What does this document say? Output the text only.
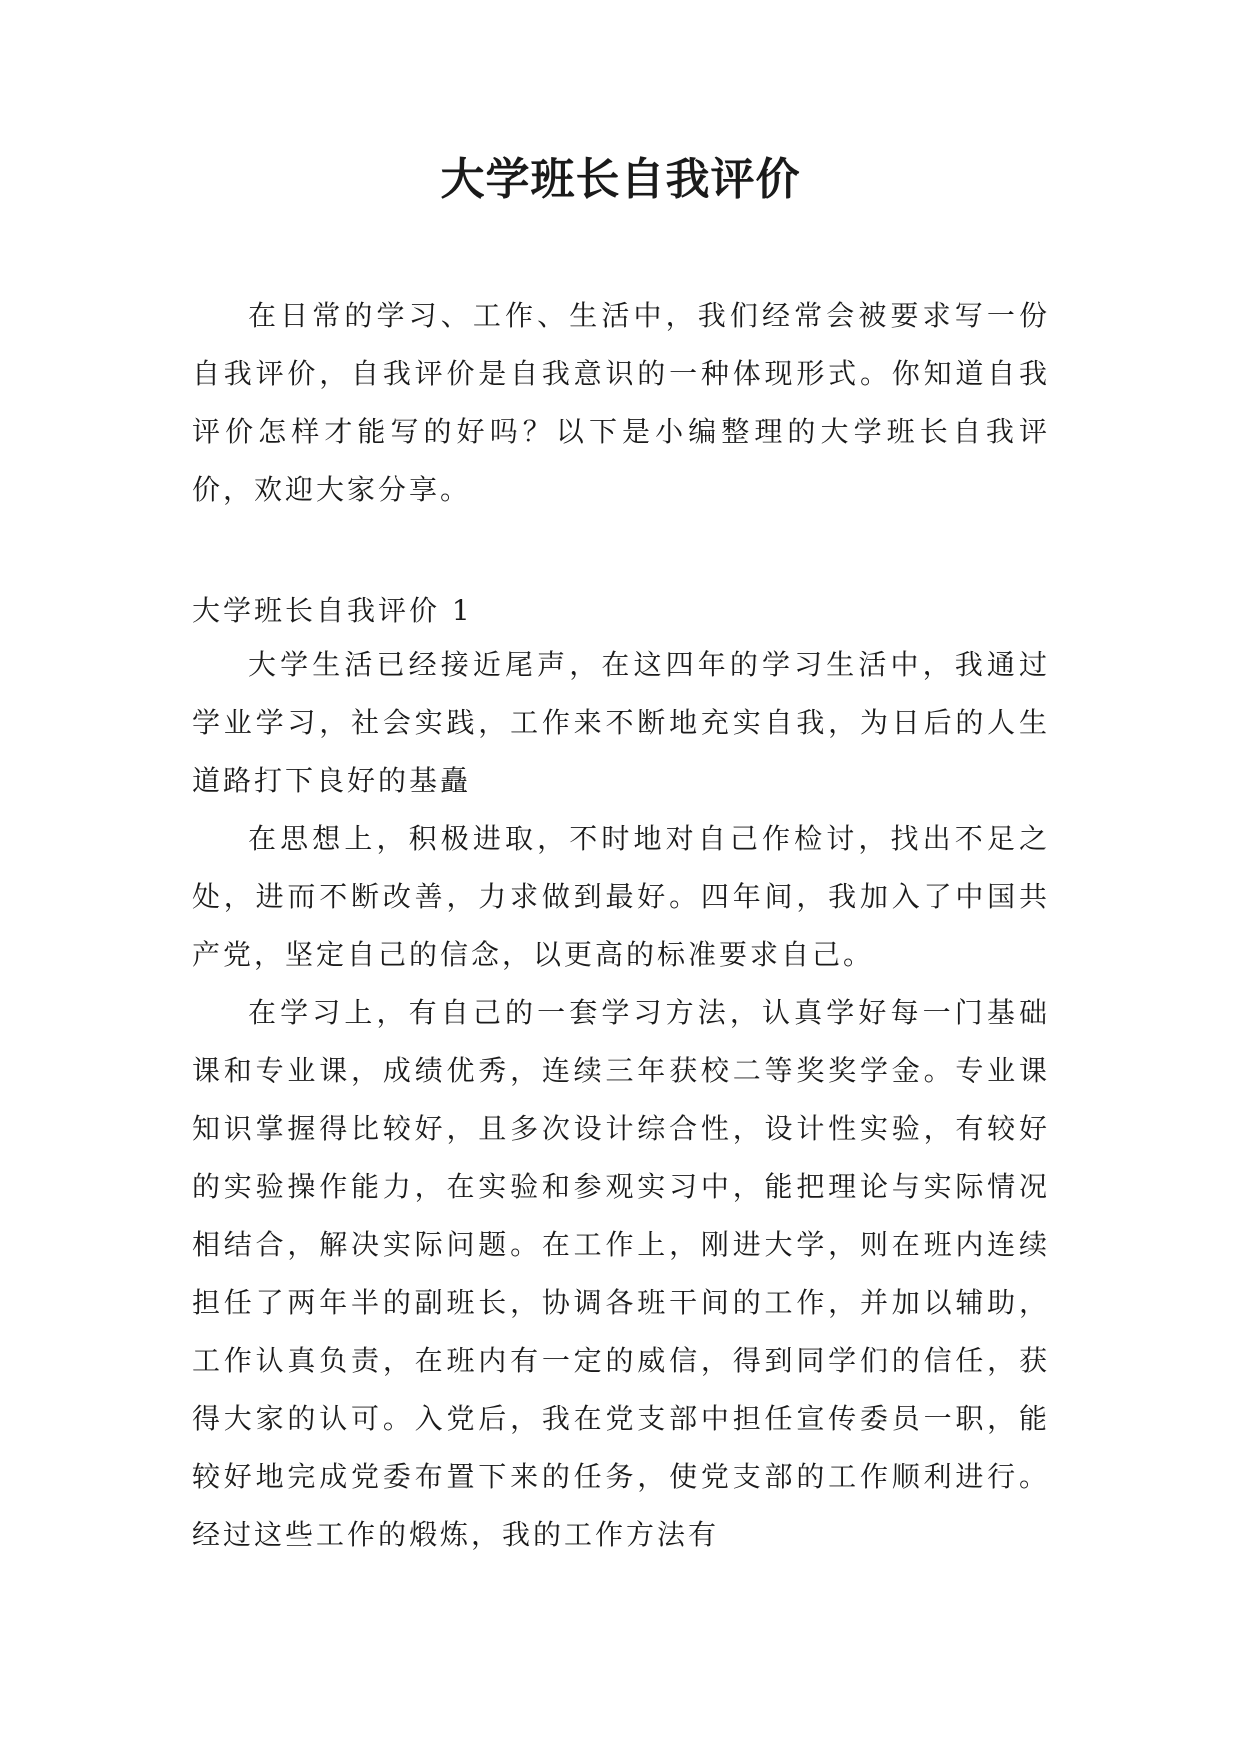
大学班长自我评价

在日常的学习、工作、生活中，我们经常会被要求写一份自我评价，自我评价是自我意识的一种体现形式。你知道自我评价怎样才能写的好吗？以下是小编整理的大学班长自我评价，欢迎大家分享。

大学班长自我评价 1

大学生活已经接近尾声，在这四年的学习生活中，我通过学业学习，社会实践，工作来不断地充实自我，为日后的人生道路打下良好的基矗

在思想上，积极进取，不时地对自己作检讨，找出不足之处，进而不断改善，力求做到最好。四年间，我加入了中国共产党，坚定自己的信念，以更高的标准要求自己。

在学习上，有自己的一套学习方法，认真学好每一门基础课和专业课，成绩优秀，连续三年获校二等奖奖学金。专业课知识掌握得比较好，且多次设计综合性，设计性实验，有较好的实验操作能力，在实验和参观实习中，能把理论与实际情况相结合，解决实际问题。在工作上，刚进大学，则在班内连续担任了两年半的副班长，协调各班干间的工作，并加以辅助，工作认真负责，在班内有一定的威信，得到同学们的信任，获得大家的认可。入党后，我在党支部中担任宣传委员一职，能较好地完成党委布置下来的任务，使党支部的工作顺利进行。经过这些工作的煅炼，我的工作方法有
